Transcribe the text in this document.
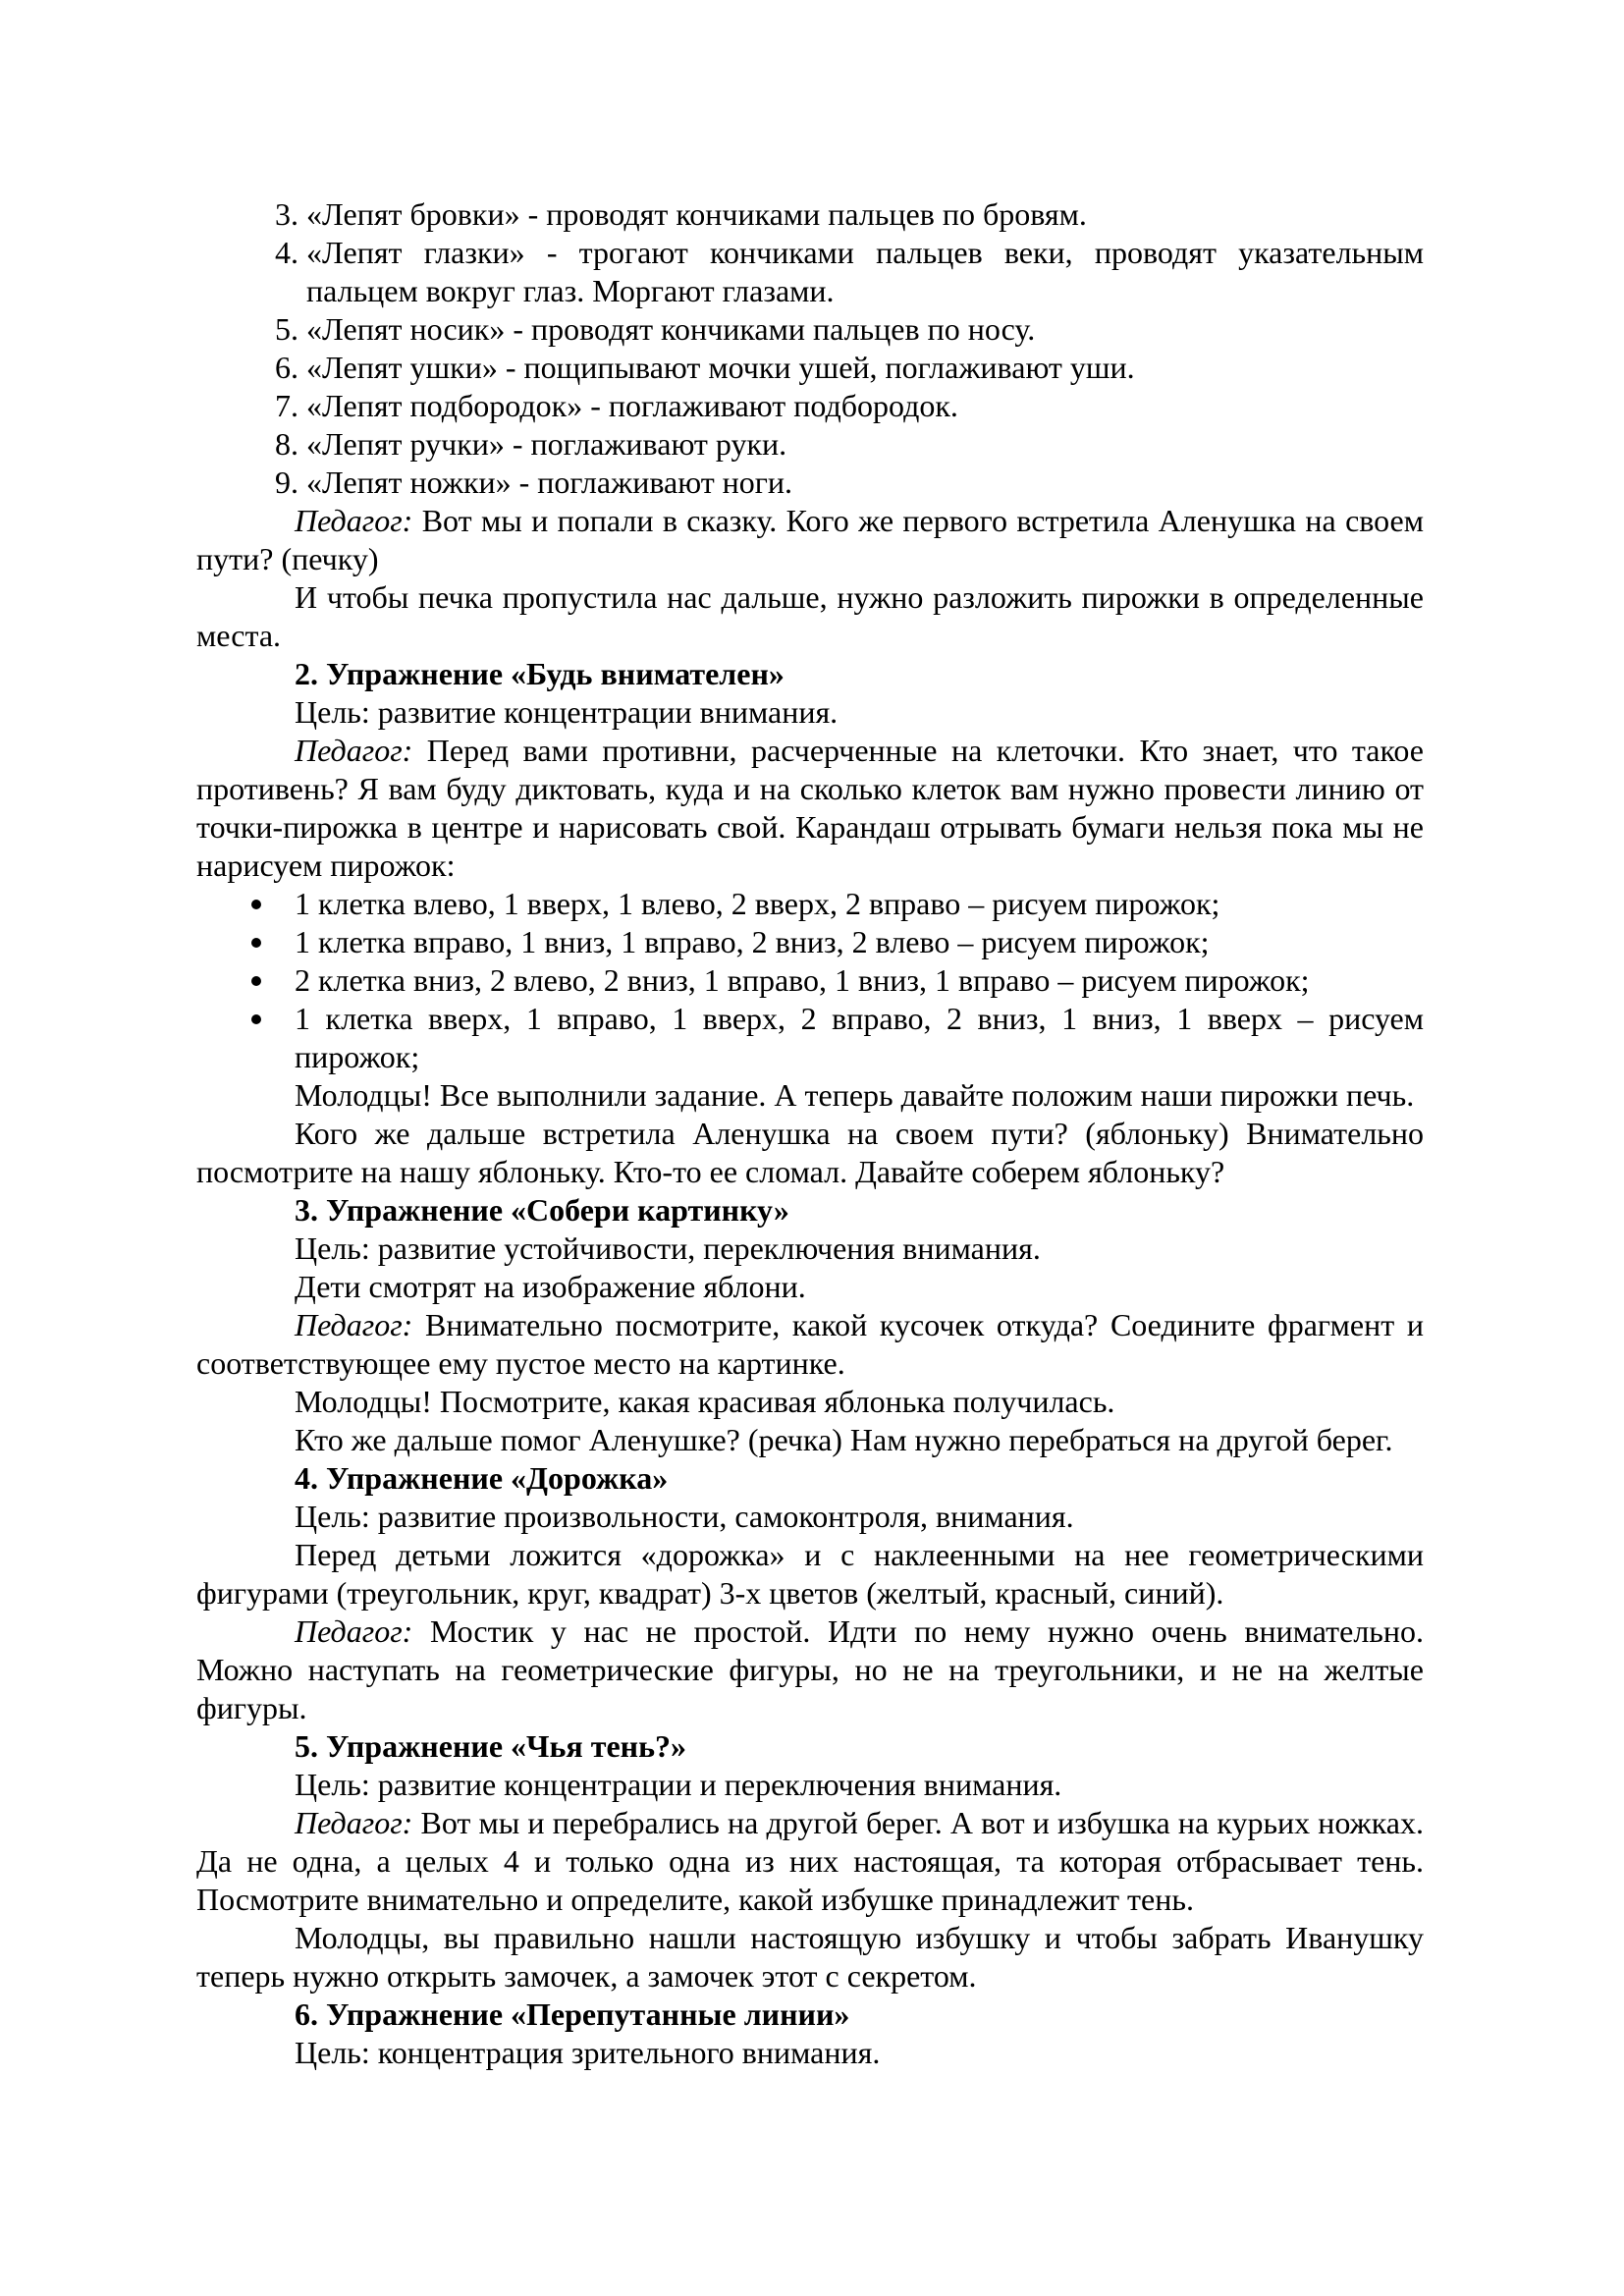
3. «Лепят бровки» - проводят кончиками пальцев по бровям.
4. «Лепят глазки» - трогают кончиками пальцев веки, проводят указательным пальцем вокруг глаз. Моргают глазами.
5. «Лепят носик» - проводят кончиками пальцев по носу.
6. «Лепят ушки» - пощипывают мочки ушей, поглаживают уши.
7. «Лепят подбородок» - поглаживают подбородок.
8. «Лепят ручки» - поглаживают руки.
9. «Лепят ножки» - поглаживают ноги.

Педагог: Вот мы и попали в сказку. Кого же первого встретила Аленушка на своем пути? (печку)

И чтобы печка пропустила нас дальше, нужно разложить пирожки в определенные места.

2. Упражнение «Будь внимателен»

Цель: развитие концентрации внимания.

Педагог: Перед вами противни, расчерченные на клеточки. Кто знает, что такое противень? Я вам буду диктовать, куда и на сколько клеток вам нужно провести линию от точки-пирожка в центре и нарисовать свой. Карандаш отрывать бумаги нельзя пока мы не нарисуем пирожок:

1 клетка влево, 1 вверх, 1 влево, 2 вверх, 2 вправо – рисуем пирожок;
1 клетка вправо, 1 вниз, 1 вправо, 2 вниз, 2 влево – рисуем пирожок;
2 клетка вниз, 2 влево, 2 вниз, 1 вправо, 1 вниз, 1 вправо – рисуем пирожок;
1 клетка вверх, 1 вправо, 1 вверх, 2 вправо, 2 вниз, 1 вниз, 1 вверх – рисуем пирожок;

Молодцы! Все выполнили задание. А теперь давайте положим наши пирожки печь.

Кого же дальше встретила Аленушка на своем пути? (яблоньку) Внимательно посмотрите на нашу яблоньку. Кто-то ее сломал. Давайте соберем яблоньку?

3. Упражнение «Собери картинку»

Цель: развитие устойчивости, переключения внимания.

Дети смотрят на изображение яблони.

Педагог: Внимательно посмотрите, какой кусочек откуда? Соедините фрагмент и соответствующее ему пустое место на картинке.

Молодцы! Посмотрите, какая красивая яблонька получилась.

Кто же дальше помог Аленушке? (речка) Нам нужно перебраться на другой берег.

4. Упражнение «Дорожка»

Цель: развитие произвольности, самоконтроля, внимания.

Перед детьми ложится «дорожка» и с наклеенными на нее геометрическими фигурами (треугольник, круг, квадрат) 3-х цветов (желтый, красный, синий).

Педагог: Мостик у нас не простой. Идти по нему нужно очень внимательно. Можно наступать на геометрические фигуры, но не на треугольники, и не на желтые фигуры.

5. Упражнение «Чья тень?»

Цель: развитие концентрации и переключения внимания.

Педагог: Вот мы и перебрались на другой берег. А вот и избушка на курьих ножках. Да не одна, а целых 4 и только одна из них настоящая, та которая отбрасывает тень. Посмотрите внимательно и определите, какой избушке принадлежит тень.

Молодцы, вы правильно нашли настоящую избушку и чтобы забрать Иванушку теперь нужно открыть замочек, а замочек этот с секретом.

6. Упражнение «Перепутанные линии»

Цель: концентрация зрительного внимания.
